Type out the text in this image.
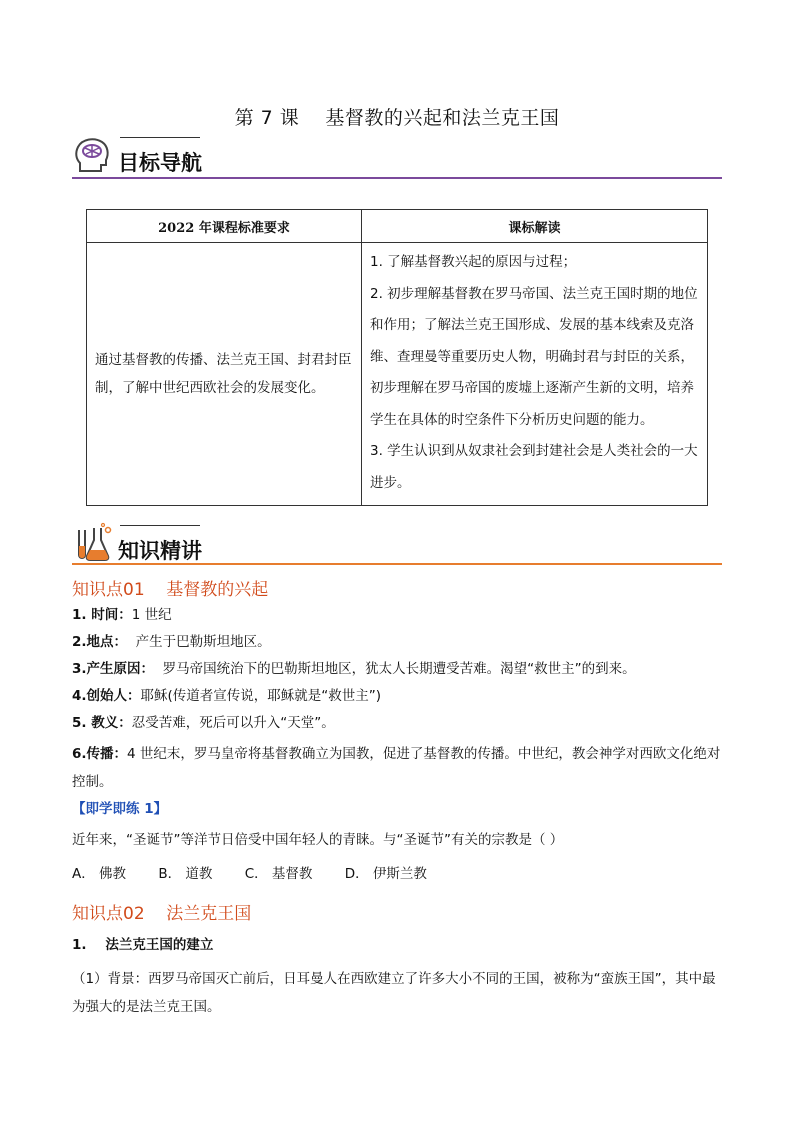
第 7 课    基督教的兴起和法兰克王国
目标导航
2022 年课程标准要求	课标解读
通过基督教的传播、法兰克王国、封君封臣制，了解中世纪西欧社会的发展变化。	1. 了解基督教兴起的原因与过程；
2. 初步理解基督教在罗马帝国、法兰克王国时期的地位和作用；了解法兰克王国形成、发展的基本线索及克洛维、查理曼等重要历史人物，明确封君与封臣的关系，初步理解在罗马帝国的废墟上逐渐产生新的文明，培养学生在具体的时空条件下分析历史问题的能力。
3. 学生认识到从奴隶社会到封建社会是人类社会的一大进步。
知识精讲
知识点01    基督教的兴起
1. 时间：1 世纪
2.地点：  产生于巴勒斯坦地区。
3.产生原因：  罗马帝国统治下的巴勒斯坦地区，犹太人长期遭受苦难。渴望“救世主”的到来。
4.创始人：耶稣(传道者宣传说，耶稣就是“救世主”)
5. 教义：忍受苦难，死后可以升入“天堂”。
6.传播：4 世纪末，罗马皇帝将基督教确立为国教，促进了基督教的传播。中世纪，教会神学对西欧文化绝对控制。
【即学即练 1】
近年来，“圣诞节”等洋节日倍受中国年轻人的青睐。与“圣诞节”有关的宗教是（ ）
A． 佛教 B． 道教 C． 基督教 D． 伊斯兰教
知识点02    法兰克王国
1.    法兰克王国的建立
（1）背景：西罗马帝国灭亡前后，日耳曼人在西欧建立了许多大小不同的王国，被称为“蛮族王国”，其中最为强大的是法兰克王国。
